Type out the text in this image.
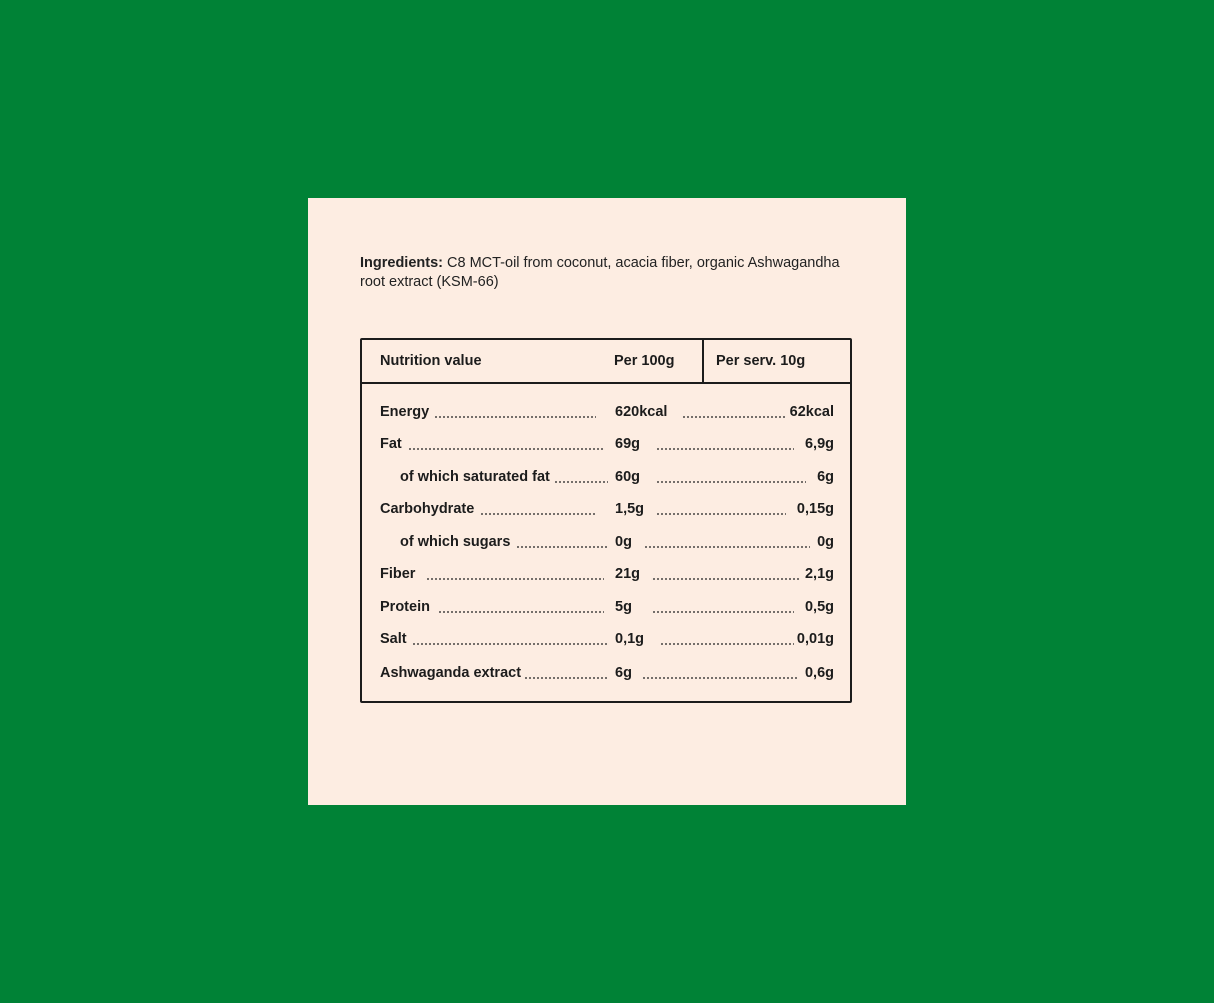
Ingredients: C8 MCT-oil from coconut, acacia fiber, organic Ashwagandha root extract (KSM-66)
Nutrition value	Per 100g	Per serv. 10g
Energy	620kcal	62kcal
Fat	69g	6,9g
of which saturated fat	60g	6g
Carbohydrate	1,5g	0,15g
of which sugars	0g	0g
Fiber	21g	2,1g
Protein	5g	0,5g
Salt	0,1g	0,01g
Ashwaganda extract	6g	0,6g
